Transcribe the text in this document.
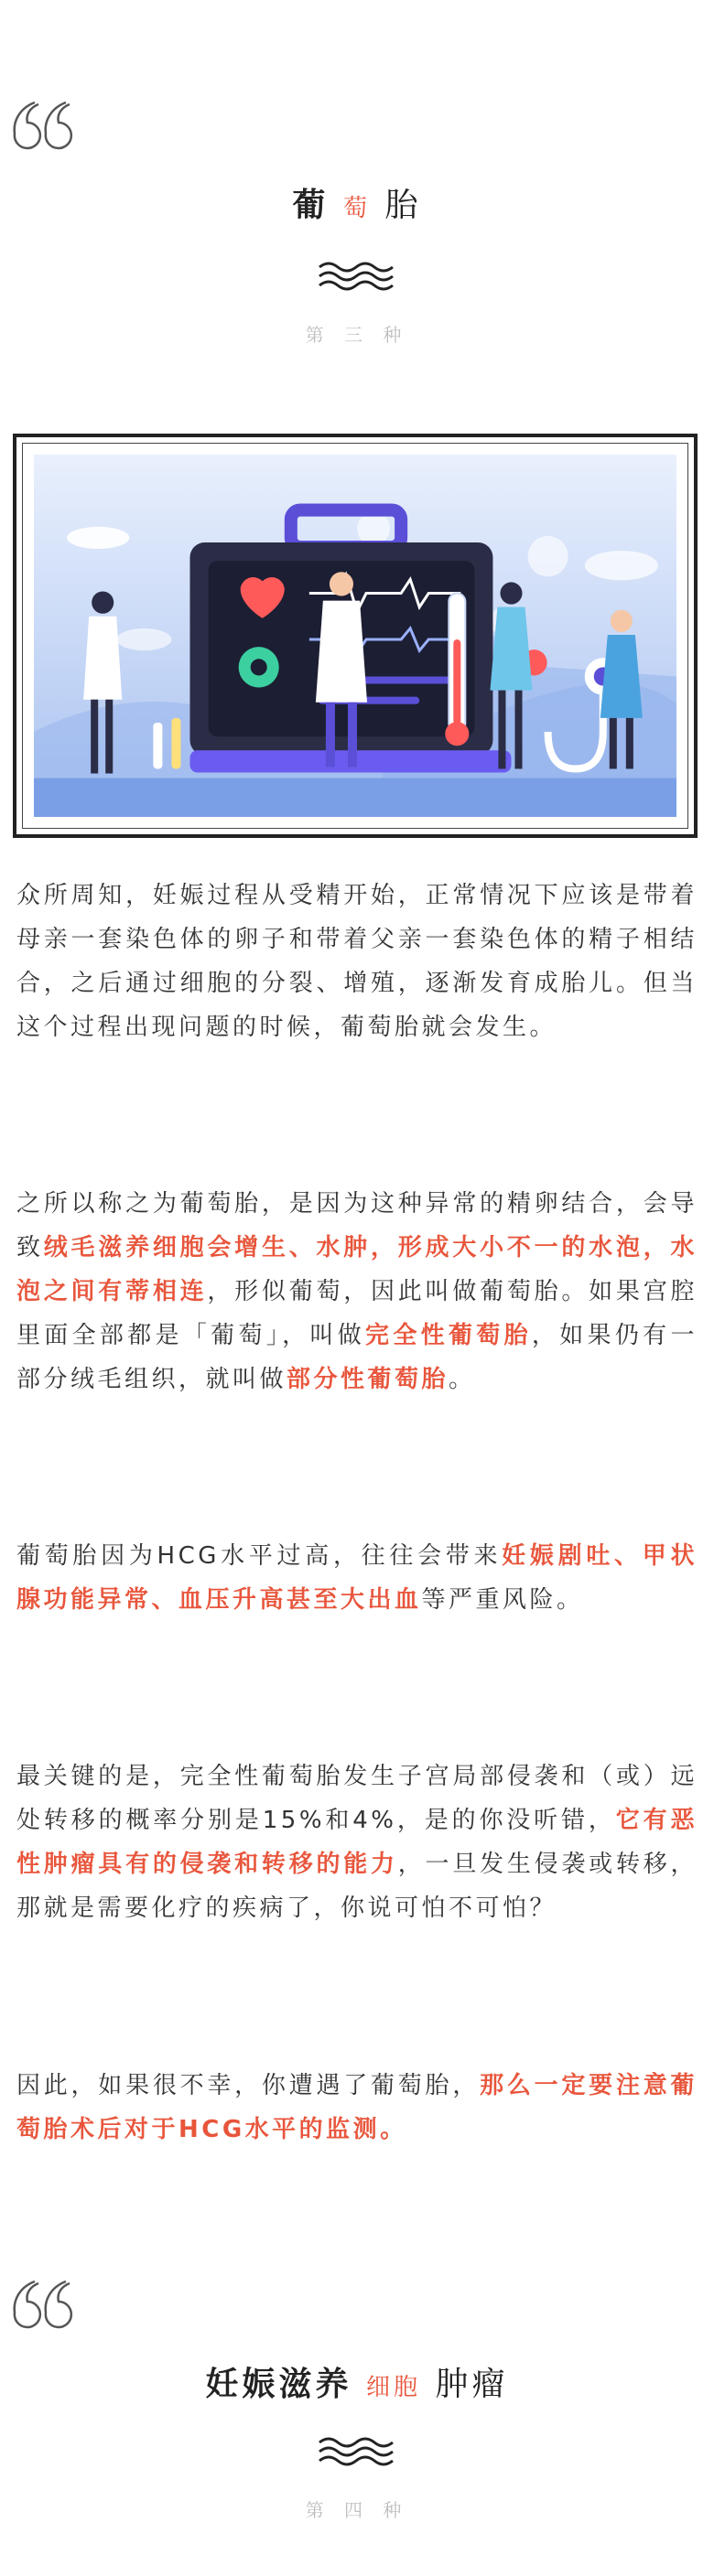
葡 萄 胎
第 三 种
众所周知，妊娠过程从受精开始，正常情况下应该是带着母亲一套染色体的卵子和带着父亲一套染色体的精子相结合，之后通过细胞的分裂、增殖，逐渐发育成胎儿。但当这个过程出现问题的时候，葡萄胎就会发生。
之所以称之为葡萄胎，是因为这种异常的精卵结合，会导致绒毛滋养细胞会增生、水肿，形成大小不一的水泡，水泡之间有蒂相连，形似葡萄，因此叫做葡萄胎。如果宫腔里面全部都是「葡萄」，叫做完全性葡萄胎，如果仍有一部分绒毛组织，就叫做部分性葡萄胎。
葡萄胎因为HCG水平过高，往往会带来妊娠剧吐、甲状腺功能异常、血压升高甚至大出血等严重风险。
最关键的是，完全性葡萄胎发生子宫局部侵袭和（或）远处转移的概率分别是15%和4%，是的你没听错，它有恶性肿瘤具有的侵袭和转移的能力，一旦发生侵袭或转移，那就是需要化疗的疾病了，你说可怕不可怕？
因此，如果很不幸，你遭遇了葡萄胎，那么一定要注意葡萄胎术后对于HCG水平的监测。
妊娠滋养 细胞 肿瘤
第 四 种
